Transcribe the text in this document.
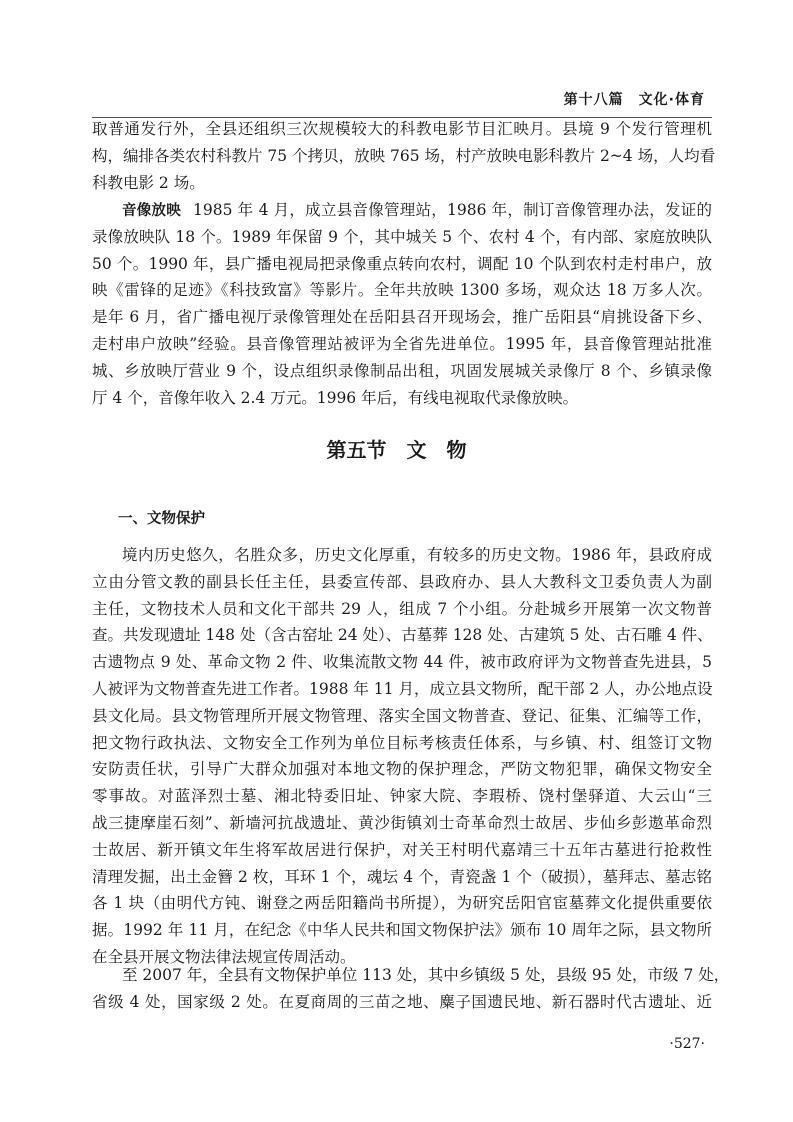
第十八篇　文化·体育
取普通发行外，全县还组织三次规模较大的科教电影节目汇映月。县境 9 个发行管理机
构，编排各类农村科教片 75 个拷贝，放映 765 场，村产放映电影科教片 2~4 场，人均看
科教电影 2 场。
音像放映 1985 年 4 月，成立县音像管理站，1986 年，制订音像管理办法，发证的
录像放映队 18 个。1989 年保留 9 个，其中城关 5 个、农村 4 个，有内部、家庭放映队
50 个。1990 年，县广播电视局把录像重点转向农村，调配 10 个队到农村走村串户，放
映《雷锋的足迹》《科技致富》等影片。全年共放映 1300 多场，观众达 18 万多人次。
是年 6 月，省广播电视厅录像管理处在岳阳县召开现场会，推广岳阳县“肩挑设备下乡、
走村串户放映”经验。县音像管理站被评为全省先进单位。1995 年，县音像管理站批准
城、乡放映厅营业 9 个，设点组织录像制品出租，巩固发展城关录像厅 8 个、乡镇录像
厅 4 个，音像年收入 2.4 万元。1996 年后，有线电视取代录像放映。
第五节　文　物
一、文物保护
境内历史悠久，名胜众多，历史文化厚重，有较多的历史文物。1986 年，县政府成
立由分管文教的副县长任主任，县委宣传部、县政府办、县人大教科文卫委负责人为副
主任，文物技术人员和文化干部共 29 人，组成 7 个小组。分赴城乡开展第一次文物普
查。共发现遗址 148 处（含古窑址 24 处）、古墓葬 128 处、古建筑 5 处、古石雕 4 件、
古遗物点 9 处、革命文物 2 件、收集流散文物 44 件，被市政府评为文物普查先进县，5
人被评为文物普查先进工作者。1988 年 11 月，成立县文物所，配干部 2 人，办公地点设
县文化局。县文物管理所开展文物管理、落实全国文物普查、登记、征集、汇编等工作，
把文物行政执法、文物安全工作列为单位目标考核责任体系，与乡镇、村、组签订文物
安防责任状，引导广大群众加强对本地文物的保护理念，严防文物犯罪，确保文物安全
零事故。对蓝泽烈士墓、湘北特委旧址、钟家大院、李瑕桥、饶村堡驿道、大云山“三
战三捷摩崖石刻”、新墙河抗战遗址、黄沙街镇刘士奇革命烈士故居、步仙乡彭遨革命烈
士故居、新开镇文年生将军故居进行保护，对关王村明代嘉靖三十五年古墓进行抢救性
清理发掘，出土金簪 2 枚，耳环 1 个，魂坛 4 个，青瓷盏 1 个（破损），墓拜志、墓志铭
各 1 块（由明代方钝、谢登之两岳阳籍尚书所提），为研究岳阳官宦墓葬文化提供重要依
据。1992 年 11 月，在纪念《中华人民共和国文物保护法》颁布 10 周年之际，县文物所
在全县开展文物法律法规宣传周活动。
至 2007 年，全县有文物保护单位 113 处，其中乡镇级 5 处，县级 95 处，市级 7 处，
省级 4 处，国家级 2 处。在夏商周的三苗之地、麋子国遗民地、新石器时代古遗址、近
·527·
